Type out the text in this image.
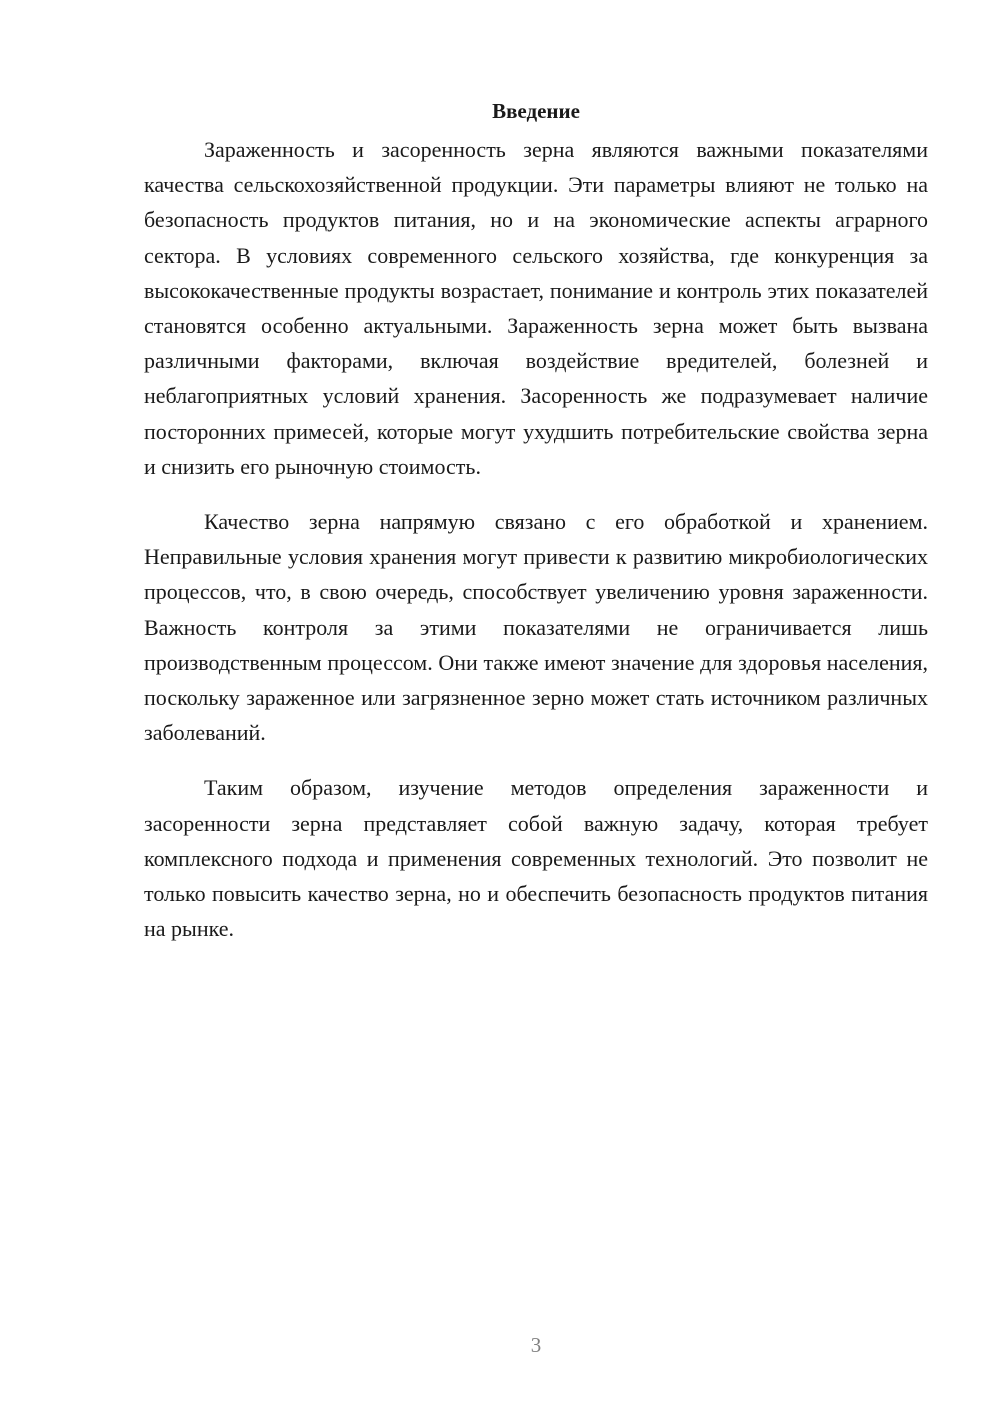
Введение

Зараженность и засоренность зерна являются важными показателями качества сельскохозяйственной продукции. Эти параметры влияют не только на безопасность продуктов питания, но и на экономические аспекты аграрного сектора. В условиях современного сельского хозяйства, где конкуренция за высококачественные продукты возрастает, понимание и контроль этих показателей становятся особенно актуальными. Зараженность зерна может быть вызвана различными факторами, включая воздействие вредителей, болезней и неблагоприятных условий хранения. Засоренность же подразумевает наличие посторонних примесей, которые могут ухудшить потребительские свойства зерна и снизить его рыночную стоимость.

Качество зерна напрямую связано с его обработкой и хранением. Неправильные условия хранения могут привести к развитию микробиологических процессов, что, в свою очередь, способствует увеличению уровня зараженности. Важность контроля за этими показателями не ограничивается лишь производственным процессом. Они также имеют значение для здоровья населения, поскольку зараженное или загрязненное зерно может стать источником различных заболеваний.

Таким образом, изучение методов определения зараженности и засоренности зерна представляет собой важную задачу, которая требует комплексного подхода и применения современных технологий. Это позволит не только повысить качество зерна, но и обеспечить безопасность продуктов питания на рынке.

3
